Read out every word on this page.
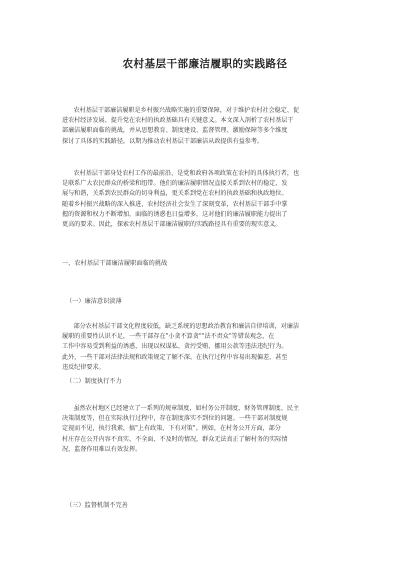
农村基层干部廉洁履职的实践路径
农村基层干部廉洁履职是乡村振兴战略实施的重要保障，对于维护农村社会稳定、促
进农村经济发展、提升党在农村的执政基础具有关键意义。本文深入剖析了农村基层干
部廉洁履职面临的挑战，并从思想教育、制度建设、监督管理、激励保障等多个维度
探讨了具体的实践路径，以期为推动农村基层干部廉洁从政提供有益参考。
农村基层干部身处农村工作的最前沿，是党和政府各项政策在农村的具体执行者，也
是联系广大农民群众的桥梁和纽带。他们的廉洁履职情况直接关系到农村的稳定、发
展与和谐，关系到农民群众的切身利益，更关系到党在农村的执政基础和执政地位。
随着乡村振兴战略的深入推进，农村经济社会发生了深刻变革，农村基层干部手中掌
握的资源和权力不断增加，面临的诱惑也日益增多，这对他们的廉洁履职能力提出了
更高的要求。因此，探索农村基层干部廉洁履职的实践路径具有重要的现实意义。
一、农村基层干部廉洁履职面临的挑战
（一）廉洁意识淡薄
部分农村基层干部文化程度较低，缺乏系统的思想政治教育和廉洁自律培训，对廉洁
履职的重要性认识不足，一些干部存在"小贪不算贪""法不责众"等错误观念，在
工作中容易受到利益的诱惑，出现以权谋私、贪污受贿、挪用公款等违法违纪行为。
此外，一些干部对法律法规和政策规定了解不深，在执行过程中容易出现偏差，甚至
违反纪律要求。
（二）制度执行不力
虽然农村地区已经建立了一系列的规章制度，如村务公开制度、财务管理制度、民主
决策制度等，但在实际执行过程中，存在制度落实不到位的问题。一些干部对制度规
定视而不见，执行我素，搞"上有政策、下有对策"。例如，在村务公开方面，部分
村庄存在公开内容不真实、不全面、不及时的情况，群众无法真正了解村务的实际情
况，监督作用难以有效发挥。
（三）监督机制不完善
